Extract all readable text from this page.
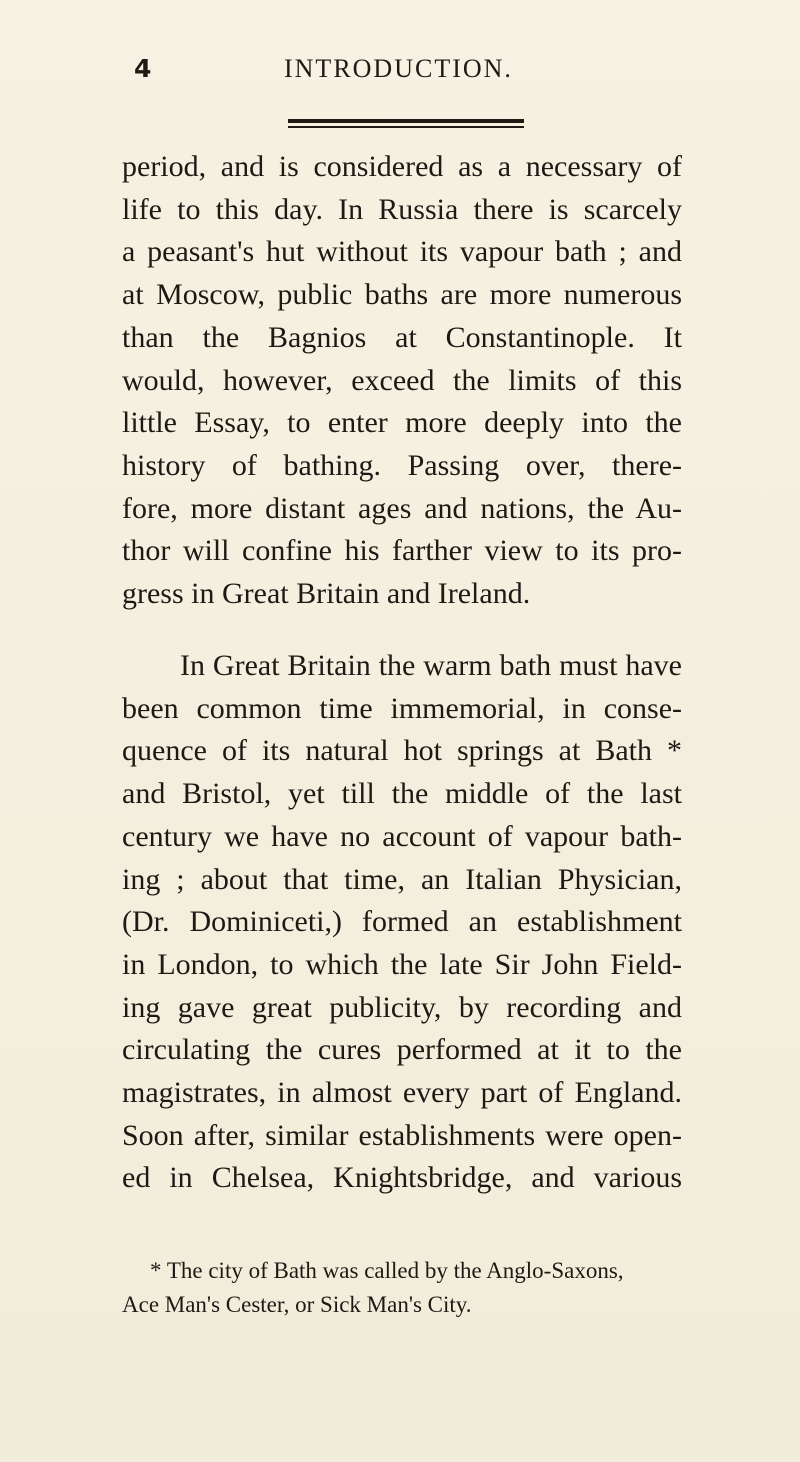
4	INTRODUCTION.
period, and is considered as a necessary of
life to this day. In Russia there is scarcely
a peasant's hut without its vapour bath ; and
at Moscow, public baths are more numerous
than the Bagnios at Constantinople. It
would, however, exceed the limits of this
little Essay, to enter more deeply into the
history of bathing. Passing over, there-
fore, more distant ages and nations, the Au-
thor will confine his farther view to its pro-
gress in Great Britain and Ireland.
In Great Britain the warm bath must have
been common time immemorial, in conse-
quence of its natural hot springs at Bath *
and Bristol, yet till the middle of the last
century we have no account of vapour bath-
ing ; about that time, an Italian Physician,
(Dr. Dominiceti,) formed an establishment
in London, to which the late Sir John Field-
ing gave great publicity, by recording and
circulating the cures performed at it to the
magistrates, in almost every part of England.
Soon after, similar establishments were open-
ed in Chelsea, Knightsbridge, and various
* The city of Bath was called by the Anglo-Saxons,
Ace Man's Cester, or Sick Man's City.
